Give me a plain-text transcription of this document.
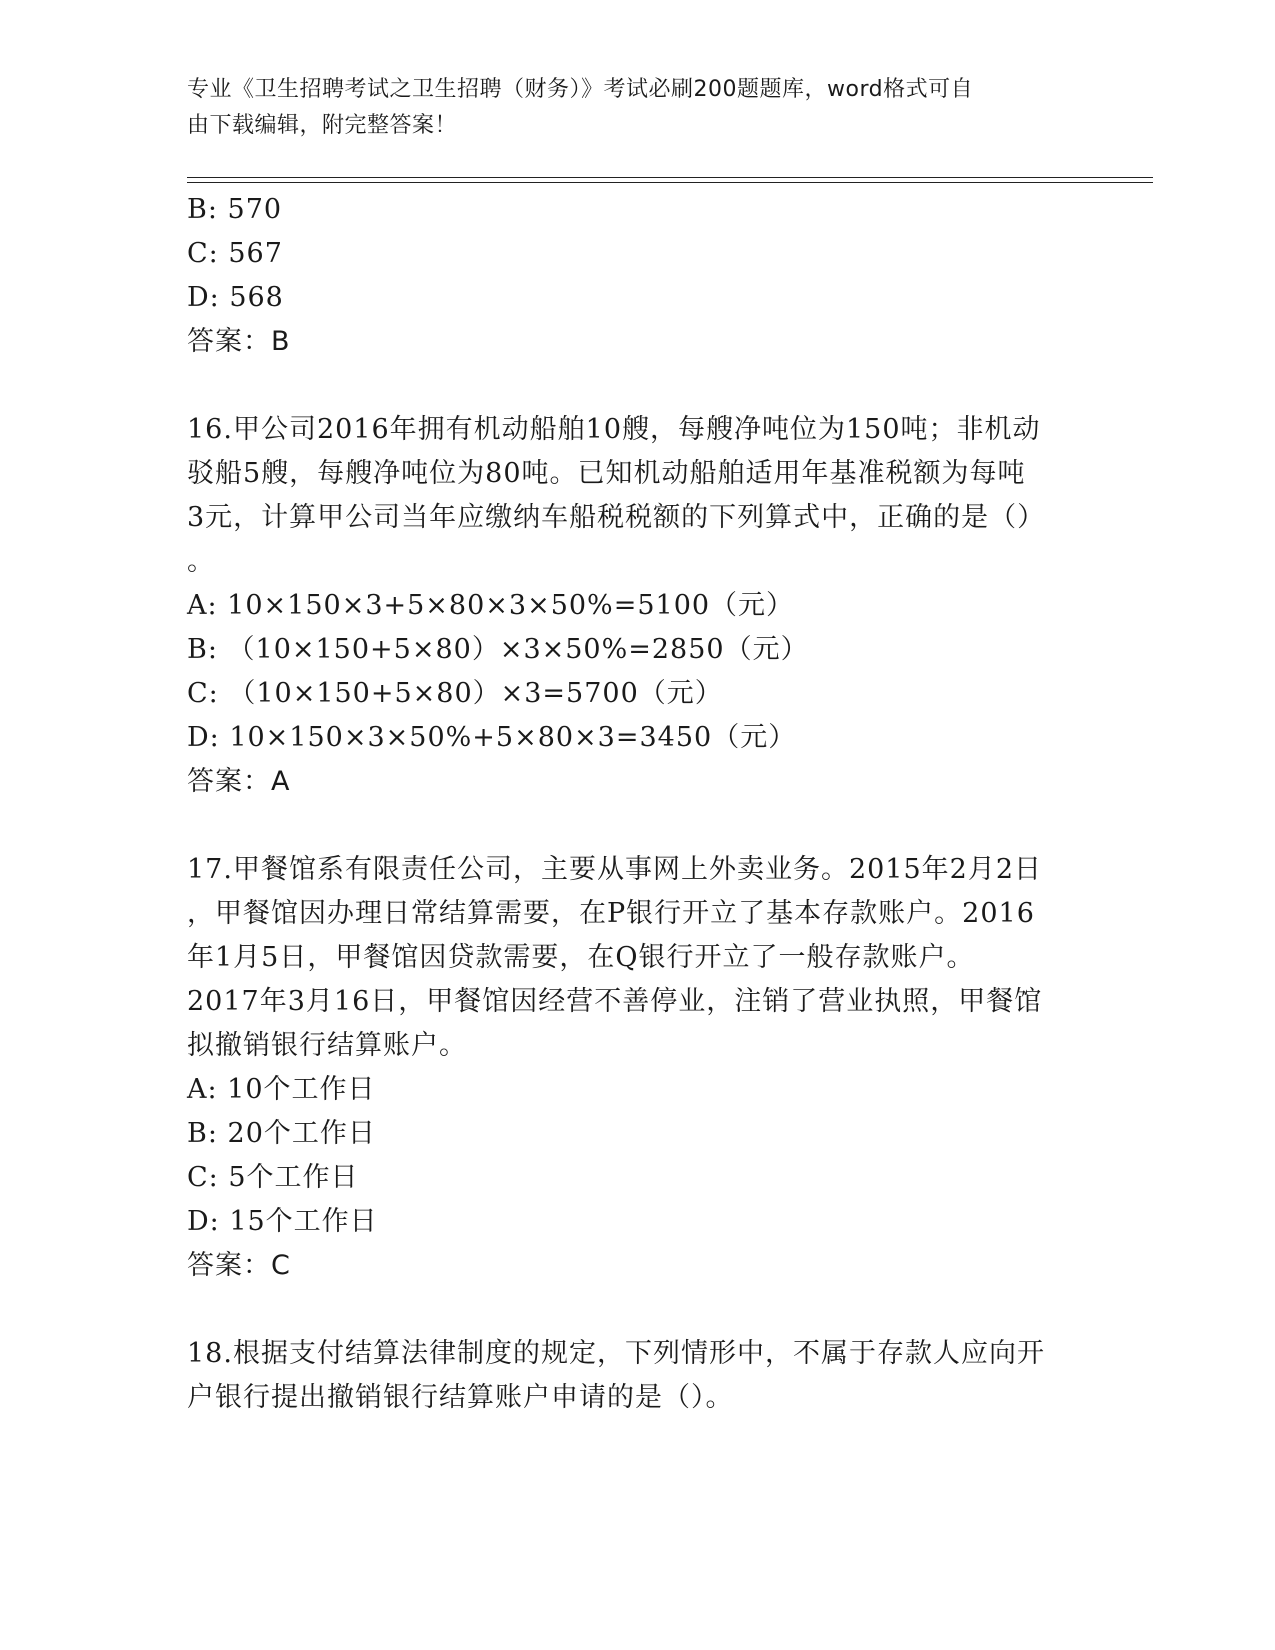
专业《卫生招聘考试之卫生招聘（财务）》考试必刷200题题库，word格式可自
由下载编辑，附完整答案！
B: 570
C: 567
D: 568
答案：B
16.甲公司2016年拥有机动船舶10艘，每艘净吨位为150吨；非机动
驳船5艘，每艘净吨位为80吨。已知机动船舶适用年基准税额为每吨
3元，计算甲公司当年应缴纳车船税税额的下列算式中，正确的是（）
。
A: 10×150×3+5×80×3×50%=5100（元）
B: （10×150+5×80）×3×50%=2850（元）
C: （10×150+5×80）×3=5700（元）
D: 10×150×3×50%+5×80×3=3450（元）
答案：A
17.甲餐馆系有限责任公司，主要从事网上外卖业务。2015年2月2日
，甲餐馆因办理日常结算需要，在P银行开立了基本存款账户。2016
年1月5日，甲餐馆因贷款需要，在Q银行开立了一般存款账户。
2017年3月16日，甲餐馆因经营不善停业，注销了营业执照，甲餐馆
拟撤销银行结算账户。
A: 10个工作日
B: 20个工作日
C: 5个工作日
D: 15个工作日
答案：C
18.根据支付结算法律制度的规定，下列情形中，不属于存款人应向开
户银行提出撤销银行结算账户申请的是（）。
